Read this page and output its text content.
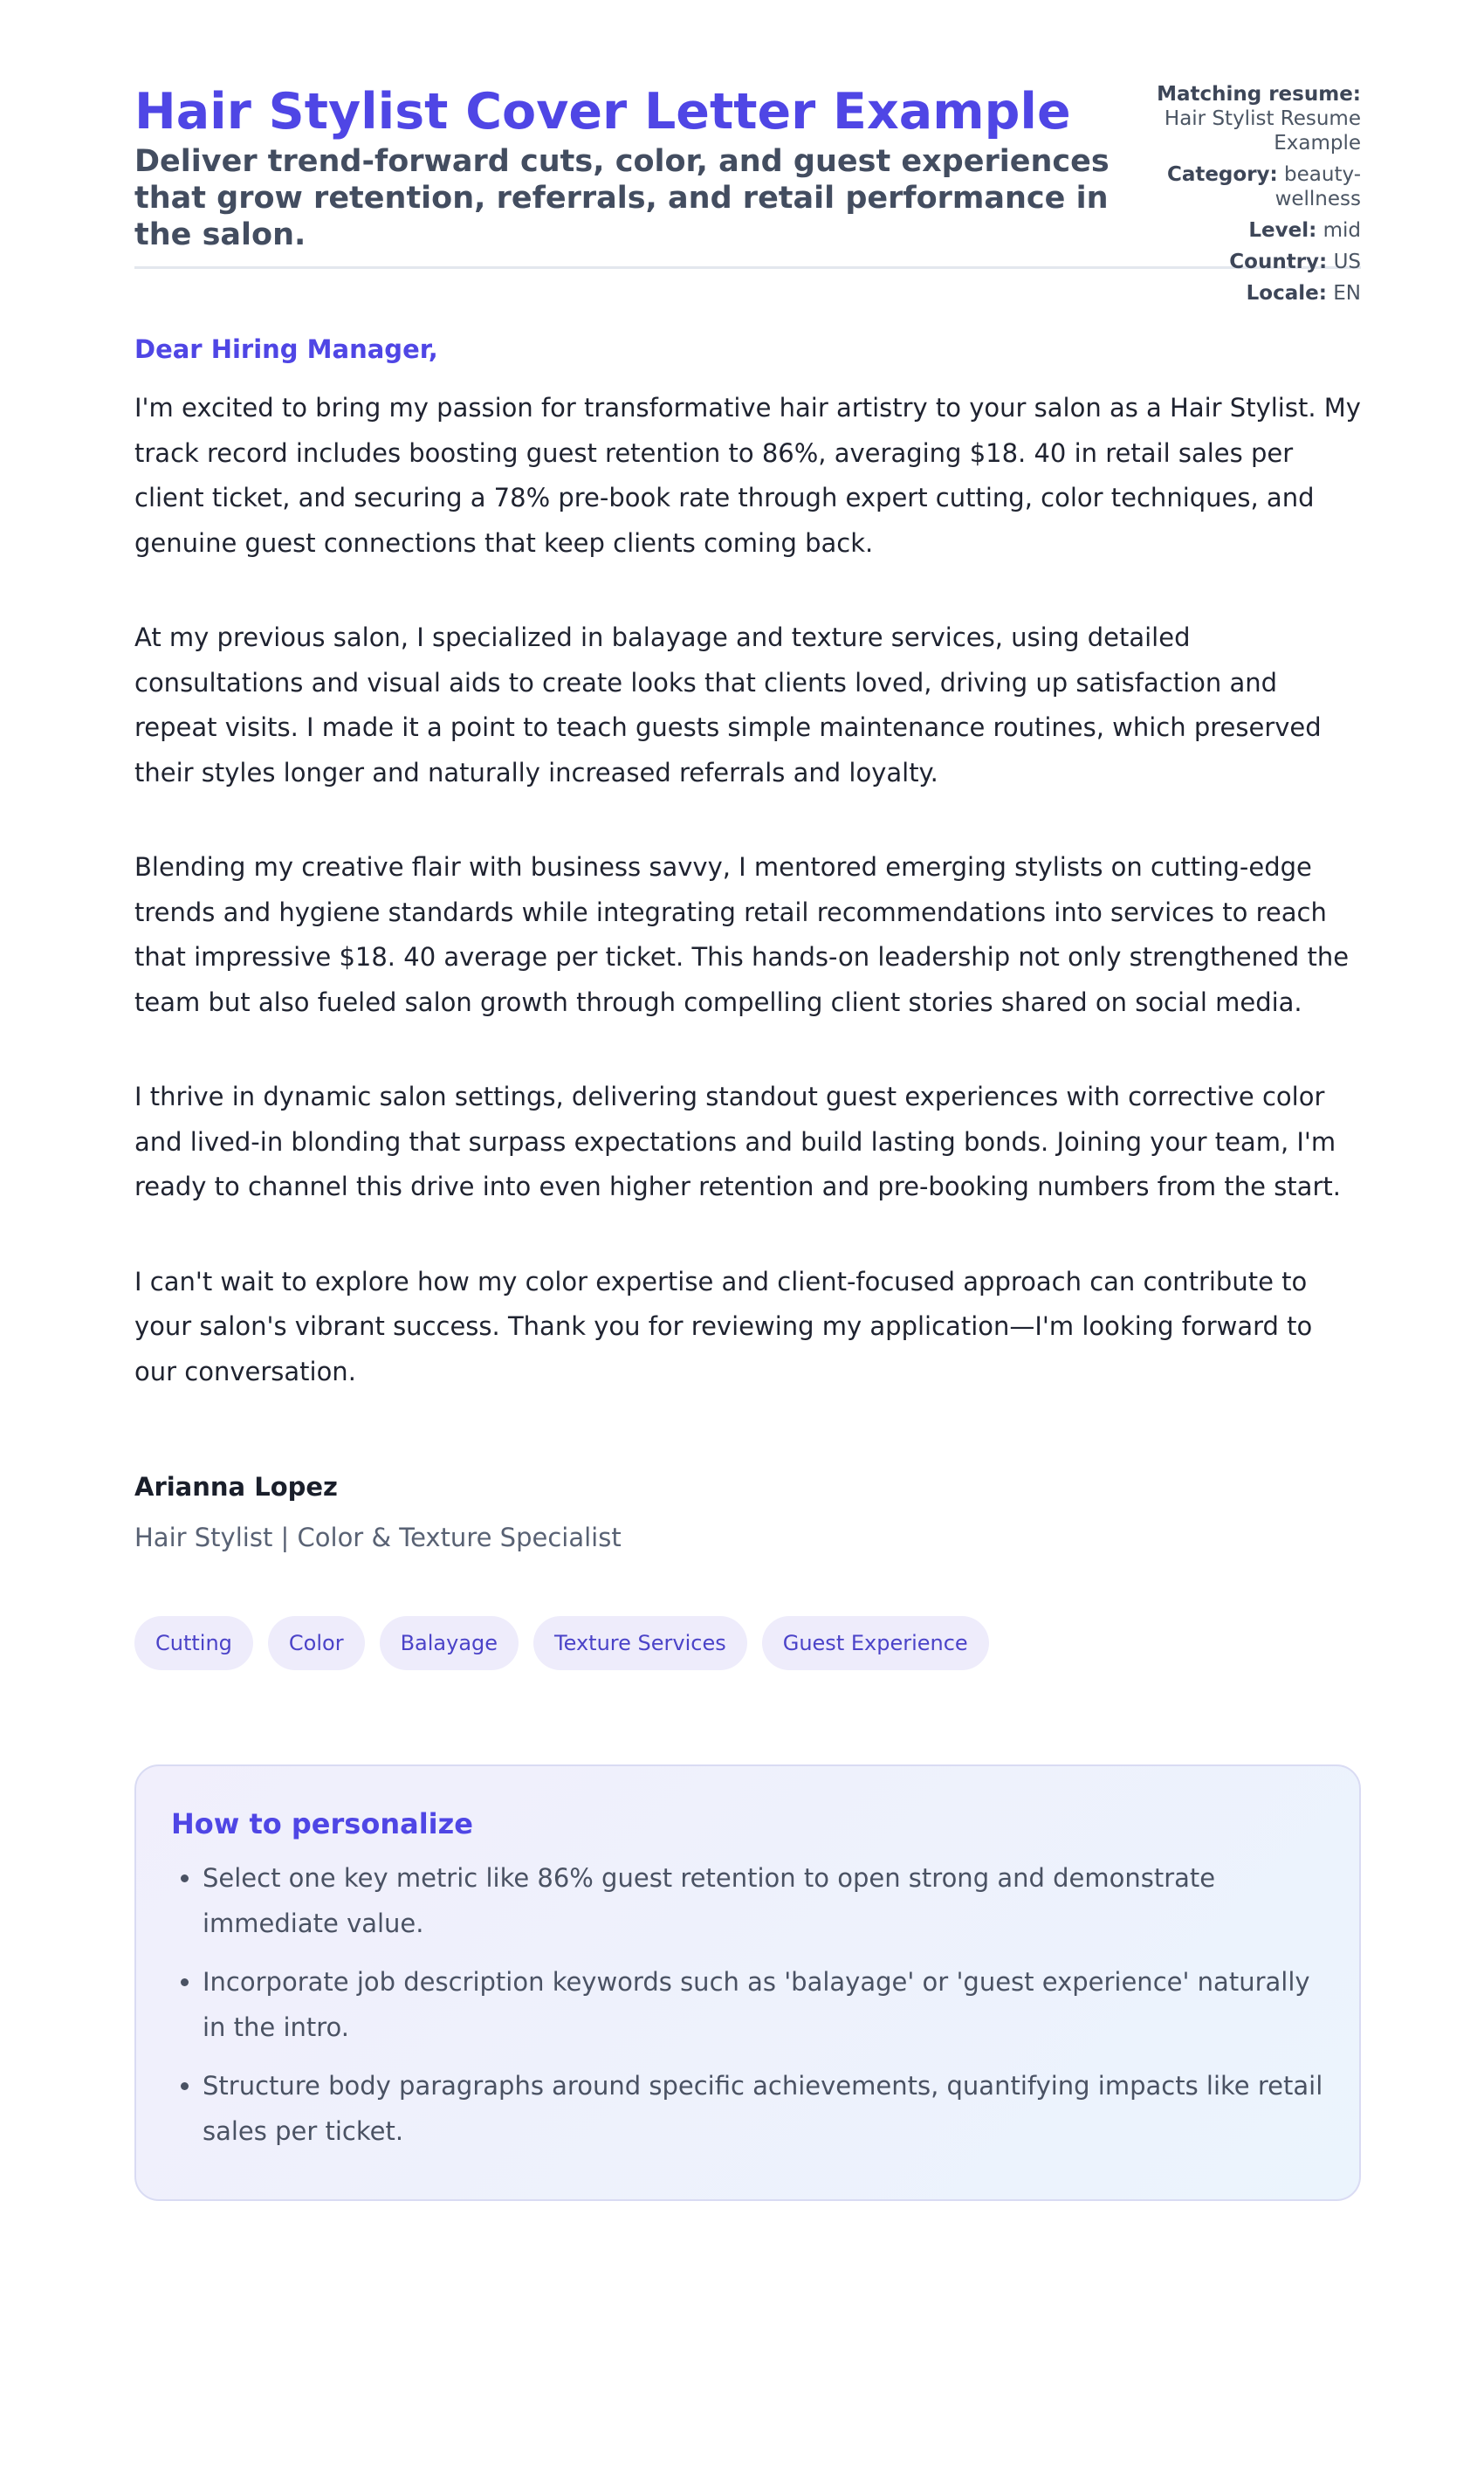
Hair Stylist Cover Letter Example

Deliver trend-forward cuts, color, and guest experiences that grow retention, referrals, and retail performance in the salon.

Matching resume:
Hair Stylist Resume Example
Category: beauty-wellness
Level: mid
Country: US
Locale: EN

Dear Hiring Manager,

I'm excited to bring my passion for transformative hair artistry to your salon as a Hair Stylist. My track record includes boosting guest retention to 86%, averaging $18. 40 in retail sales per client ticket, and securing a 78% pre-book rate through expert cutting, color techniques, and genuine guest connections that keep clients coming back.

At my previous salon, I specialized in balayage and texture services, using detailed consultations and visual aids to create looks that clients loved, driving up satisfaction and repeat visits. I made it a point to teach guests simple maintenance routines, which preserved their styles longer and naturally increased referrals and loyalty.

Blending my creative flair with business savvy, I mentored emerging stylists on cutting-edge trends and hygiene standards while integrating retail recommendations into services to reach that impressive $18. 40 average per ticket. This hands-on leadership not only strengthened the team but also fueled salon growth through compelling client stories shared on social media.

I thrive in dynamic salon settings, delivering standout guest experiences with corrective color and lived-in blonding that surpass expectations and build lasting bonds. Joining your team, I'm ready to channel this drive into even higher retention and pre-booking numbers from the start.

I can't wait to explore how my color expertise and client-focused approach can contribute to your salon's vibrant success. Thank you for reviewing my application—I'm looking forward to our conversation.

Arianna Lopez
Hair Stylist | Color & Texture Specialist
Cutting	Color	Balayage	Texture Services	Guest Experience
How to personalize
• Select one key metric like 86% guest retention to open strong and demonstrate immediate value.
• Incorporate job description keywords such as 'balayage' or 'guest experience' naturally in the intro.
• Structure body paragraphs around specific achievements, quantifying impacts like retail sales per ticket.
